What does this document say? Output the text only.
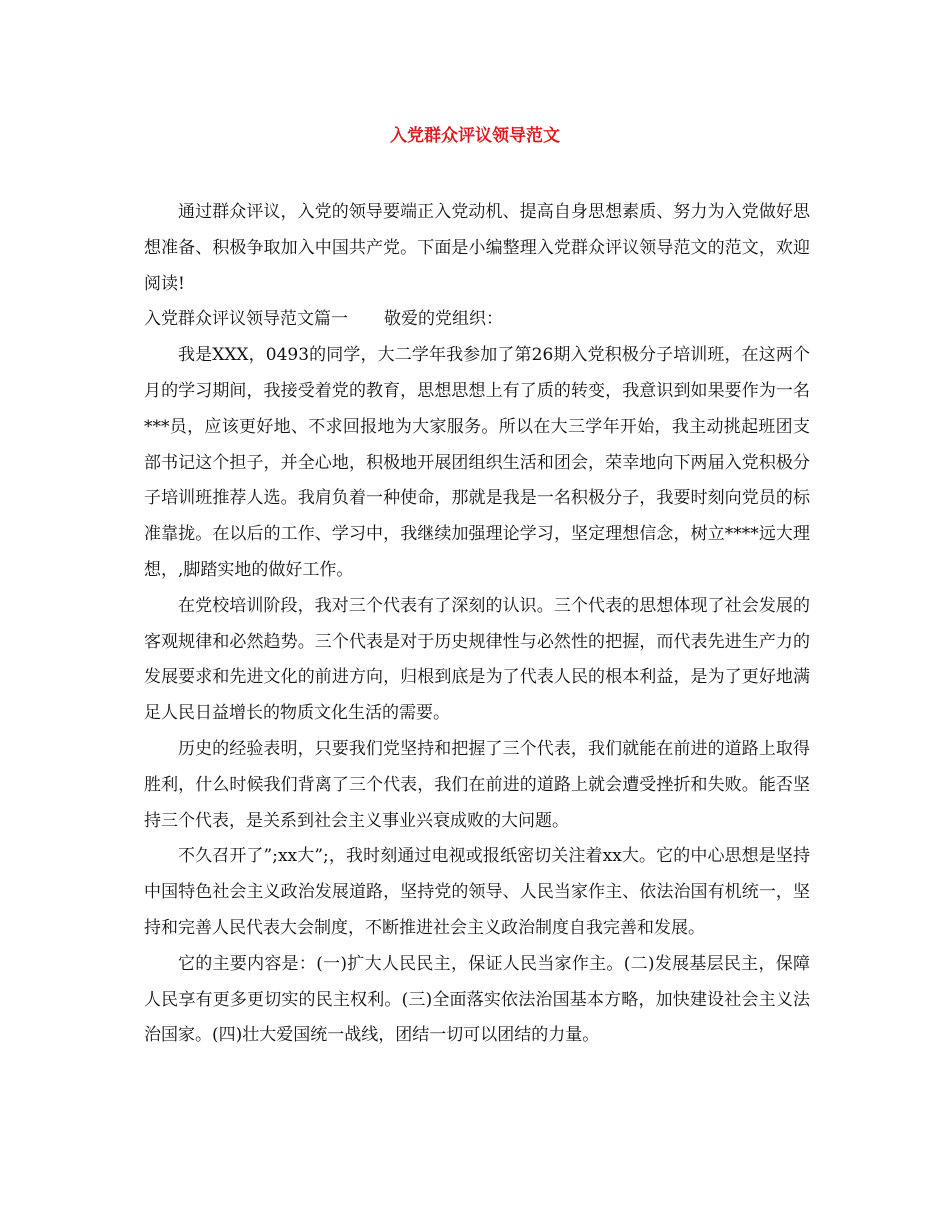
入党群众评议领导范文

通过群众评议，入党的领导要端正入党动机、提高自身思想素质、努力为入党做好思想准备、积极争取加入中国共产党。下面是小编整理入党群众评议领导范文的范文，欢迎阅读!

入党群众评议领导范文篇一 敬爱的党组织：

我是XXX，0493的同学，大二学年我参加了第26期入党积极分子培训班，在这两个月的学习期间，我接受着党的教育，思想思想上有了质的转变，我意识到如果要作为一名***员，应该更好地、不求回报地为大家服务。所以在大三学年开始，我主动挑起班团支部书记这个担子，并全心地，积极地开展团组织生活和团会，荣幸地向下两届入党积极分子培训班推荐人选。我肩负着一种使命，那就是我是一名积极分子，我要时刻向党员的标准靠拢。在以后的工作、学习中，我继续加强理论学习，坚定理想信念，树立****远大理想，,脚踏实地的做好工作。

在党校培训阶段，我对三个代表有了深刻的认识。三个代表的思想体现了社会发展的客观规律和必然趋势。三个代表是对于历史规律性与必然性的把握，而代表先进生产力的发展要求和先进文化的前进方向，归根到底是为了代表人民的根本利益，是为了更好地满足人民日益增长的物质文化生活的需要。

历史的经验表明，只要我们党坚持和把握了三个代表，我们就能在前进的道路上取得胜利，什么时候我们背离了三个代表，我们在前进的道路上就会遭受挫折和失败。能否坚持三个代表，是关系到社会主义事业兴衰成败的大问题。

不久召开了”;xx大”;，我时刻通过电视或报纸密切关注着xx大。它的中心思想是坚持中国特色社会主义政治发展道路，坚持党的领导、人民当家作主、依法治国有机统一，坚持和完善人民代表大会制度，不断推进社会主义政治制度自我完善和发展。

它的主要内容是：(一)扩大人民民主，保证人民当家作主。(二)发展基层民主，保障人民享有更多更切实的民主权利。(三)全面落实依法治国基本方略，加快建设社会主义法治国家。(四)壮大爱国统一战线，团结一切可以团结的力量。
